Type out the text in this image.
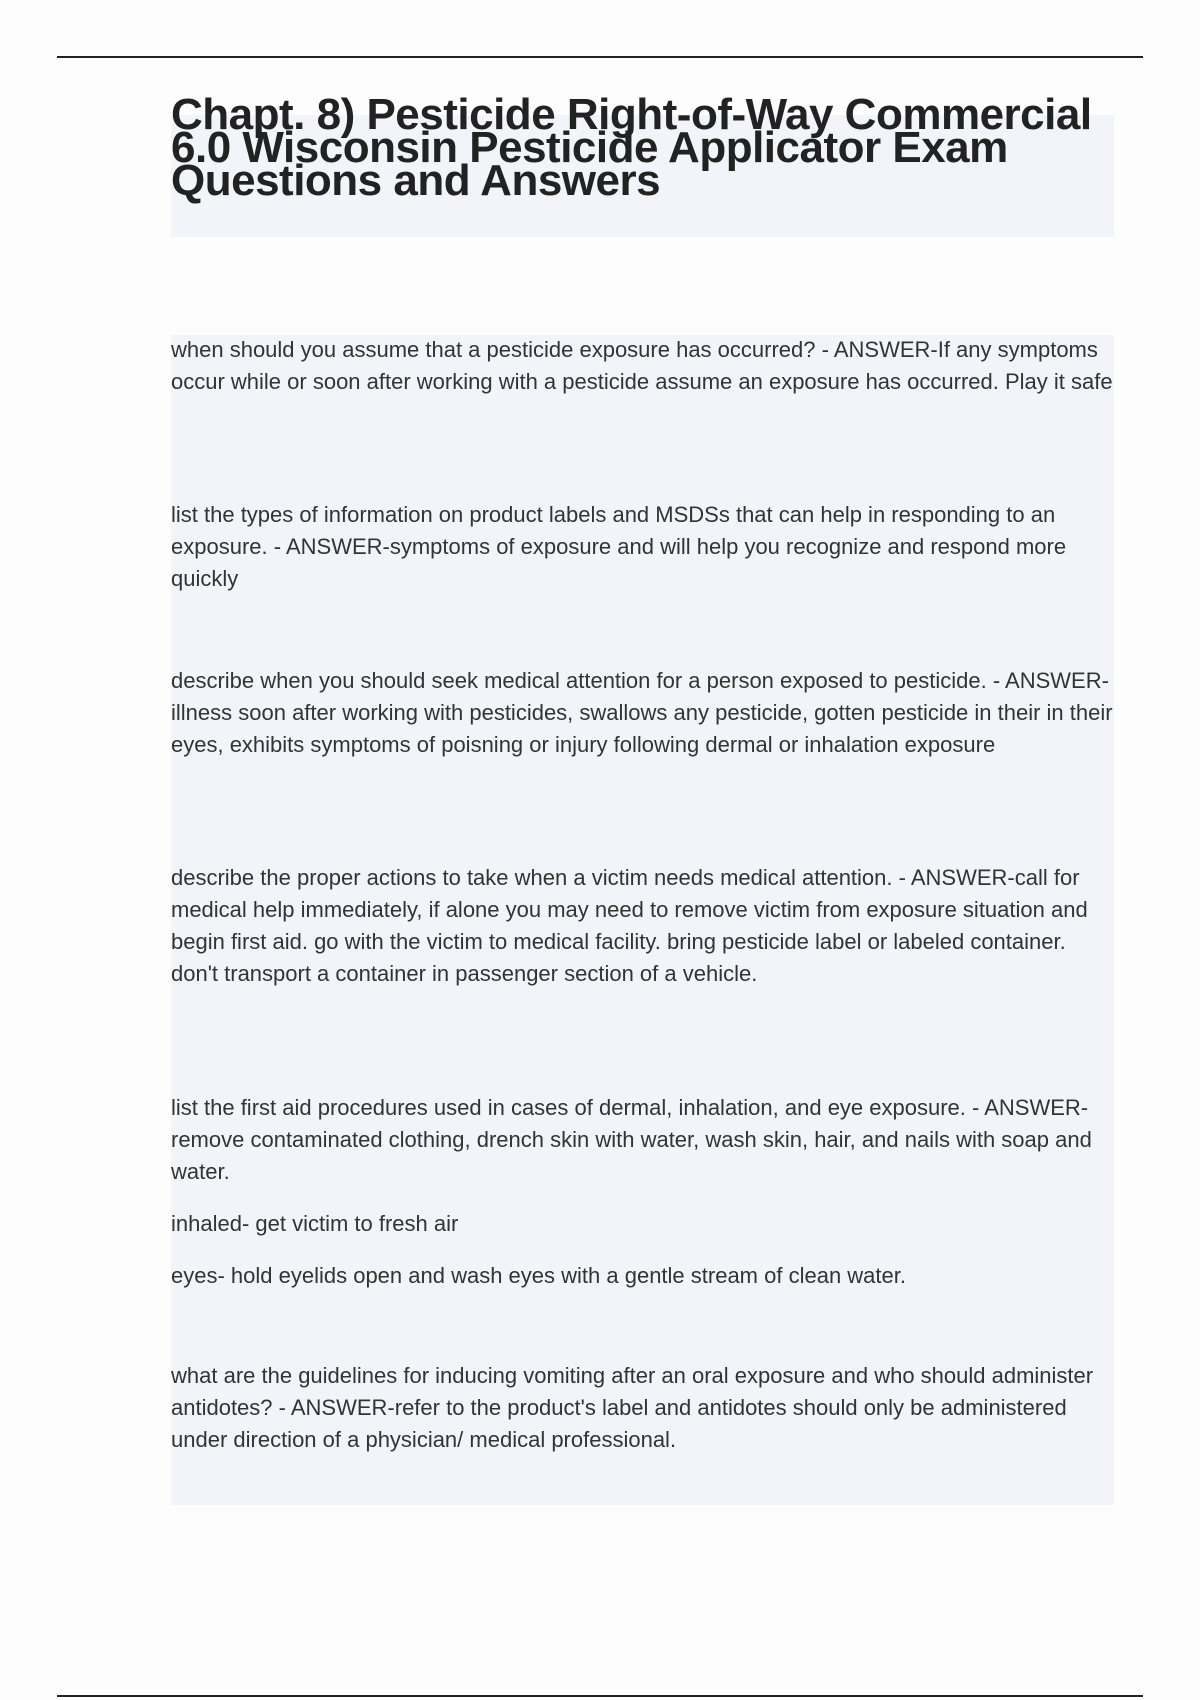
Chapt. 8) Pesticide Right-of-Way Commercial 6.0 Wisconsin Pesticide Applicator Exam Questions and Answers

when should you assume that a pesticide exposure has occurred? - ANSWER-If any symptoms occur while or soon after working with a pesticide assume an exposure has occurred. Play it safe

list the types of information on product labels and MSDSs that can help in responding to an exposure. - ANSWER-symptoms of exposure and will help you recognize and respond more quickly

describe when you should seek medical attention for a person exposed to pesticide. - ANSWER-illness soon after working with pesticides, swallows any pesticide, gotten pesticide in their in their eyes, exhibits symptoms of poisning or injury following dermal or inhalation exposure

describe the proper actions to take when a victim needs medical attention. - ANSWER-call for medical help immediately, if alone you may need to remove victim from exposure situation and begin first aid. go with the victim to medical facility. bring pesticide label or labeled container. don't transport a container in passenger section of a vehicle.

list the first aid procedures used in cases of dermal, inhalation, and eye exposure. - ANSWER-remove contaminated clothing, drench skin with water, wash skin, hair, and nails with soap and water.

inhaled- get victim to fresh air

eyes- hold eyelids open and wash eyes with a gentle stream of clean water.

what are the guidelines for inducing vomiting after an oral exposure and who should administer antidotes? - ANSWER-refer to the product's label and antidotes should only be administered under direction of a physician/ medical professional.
